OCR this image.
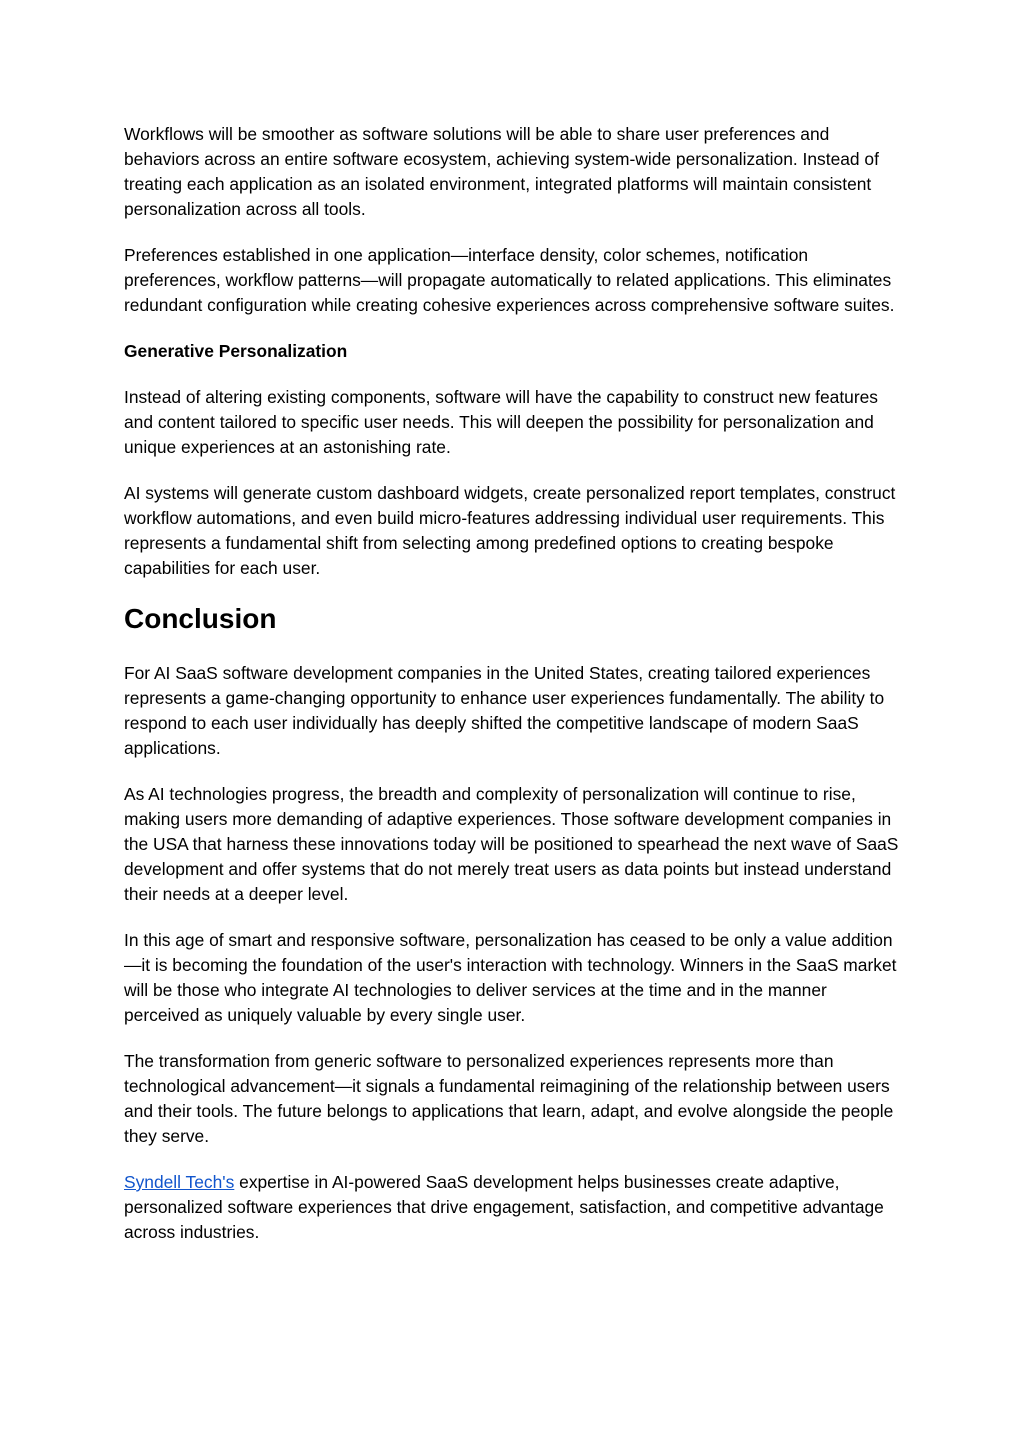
Workflows will be smoother as software solutions will be able to share user preferences and behaviors across an entire software ecosystem, achieving system-wide personalization. Instead of treating each application as an isolated environment, integrated platforms will maintain consistent personalization across all tools.

Preferences established in one application—interface density, color schemes, notification preferences, workflow patterns—will propagate automatically to related applications. This eliminates redundant configuration while creating cohesive experiences across comprehensive software suites.

Generative Personalization

Instead of altering existing components, software will have the capability to construct new features and content tailored to specific user needs. This will deepen the possibility for personalization and unique experiences at an astonishing rate.

AI systems will generate custom dashboard widgets, create personalized report templates, construct workflow automations, and even build micro-features addressing individual user requirements. This represents a fundamental shift from selecting among predefined options to creating bespoke capabilities for each user.

Conclusion

For AI SaaS software development companies in the United States, creating tailored experiences represents a game-changing opportunity to enhance user experiences fundamentally. The ability to respond to each user individually has deeply shifted the competitive landscape of modern SaaS applications.

As AI technologies progress, the breadth and complexity of personalization will continue to rise, making users more demanding of adaptive experiences. Those software development companies in the USA that harness these innovations today will be positioned to spearhead the next wave of SaaS development and offer systems that do not merely treat users as data points but instead understand their needs at a deeper level.

In this age of smart and responsive software, personalization has ceased to be only a value addition—it is becoming the foundation of the user's interaction with technology. Winners in the SaaS market will be those who integrate AI technologies to deliver services at the time and in the manner perceived as uniquely valuable by every single user.

The transformation from generic software to personalized experiences represents more than technological advancement—it signals a fundamental reimagining of the relationship between users and their tools. The future belongs to applications that learn, adapt, and evolve alongside the people they serve.

Syndell Tech's expertise in AI-powered SaaS development helps businesses create adaptive, personalized software experiences that drive engagement, satisfaction, and competitive advantage across industries.
